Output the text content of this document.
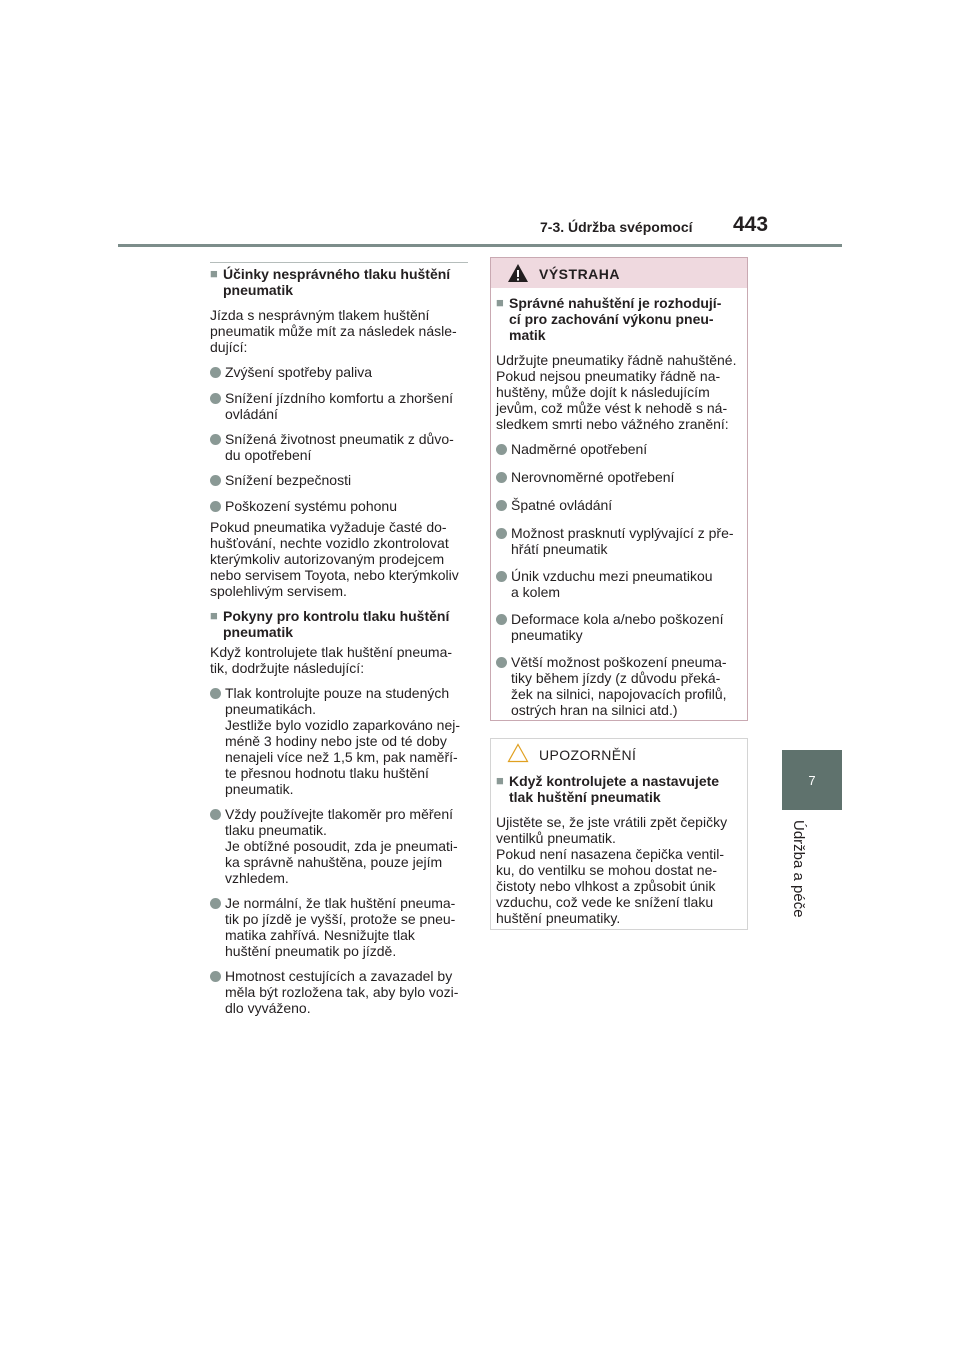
7-3. Údržba svépomocí 443
7
Údržba a péče
■ Účinky nesprávného tlaku huštění
pneumatik
Jízda s nesprávným tlakem huštění
pneumatik může mít za následek násle-
dující:
Zvýšení spotřeby paliva
Snížení jízdního komfortu a zhoršení
ovládání
Snížená životnost pneumatik z důvo-
du opotřebení
Snížení bezpečnosti
Poškození systému pohonu
Pokud pneumatika vyžaduje časté do-
hušťování, nechte vozidlo zkontrolovat
kterýmkoliv autorizovaným prodejcem
nebo servisem Toyota, nebo kterýmkoliv
spolehlivým servisem.
■ Pokyny pro kontrolu tlaku huštění
pneumatik
Když kontrolujete tlak huštění pneuma-
tik, dodržujte následující:
Tlak kontrolujte pouze na studených
pneumatikách.
Jestliže bylo vozidlo zaparkováno nej-
méně 3 hodiny nebo jste od té doby
nenajeli více než 1,5 km, pak naměří-
te přesnou hodnotu tlaku huštění
pneumatik.
Vždy používejte tlakoměr pro měření
tlaku pneumatik.
Je obtížné posoudit, zda je pneumati-
ka správně nahuštěna, pouze jejím
vzhledem.
Je normální, že tlak huštění pneuma-
tik po jízdě je vyšší, protože se pneu-
matika zahřívá. Nesnižujte tlak
huštění pneumatik po jízdě.
Hmotnost cestujících a zavazadel by
měla být rozložena tak, aby bylo vozi-
dlo vyváženo.
VÝSTRAHA
■ Správné nahuštění je rozhodují-
cí pro zachování výkonu pneu-
matik
Udržujte pneumatiky řádně nahuštěné.
Pokud nejsou pneumatiky řádně na-
huštěny, může dojít k následujícím
jevům, což může vést k nehodě s ná-
sledkem smrti nebo vážného zranění:
Nadměrné opotřebení
Nerovnoměrné opotřebení
Špatné ovládání
Možnost prasknutí vyplývající z pře-
hřátí pneumatik
Únik vzduchu mezi pneumatikou
a kolem
Deformace kola a/nebo poškození
pneumatiky
Větší možnost poškození pneuma-
tiky během jízdy (z důvodu překá-
žek na silnici, napojovacích profilů,
ostrých hran na silnici atd.)
UPOZORNĚNÍ
■ Když kontrolujete a nastavujete
tlak huštění pneumatik
Ujistěte se, že jste vrátili zpět čepičky
ventilků pneumatik.
Pokud není nasazena čepička ventil-
ku, do ventilku se mohou dostat ne-
čistoty nebo vlhkost a způsobit únik
vzduchu, což vede ke snížení tlaku
huštění pneumatiky.
